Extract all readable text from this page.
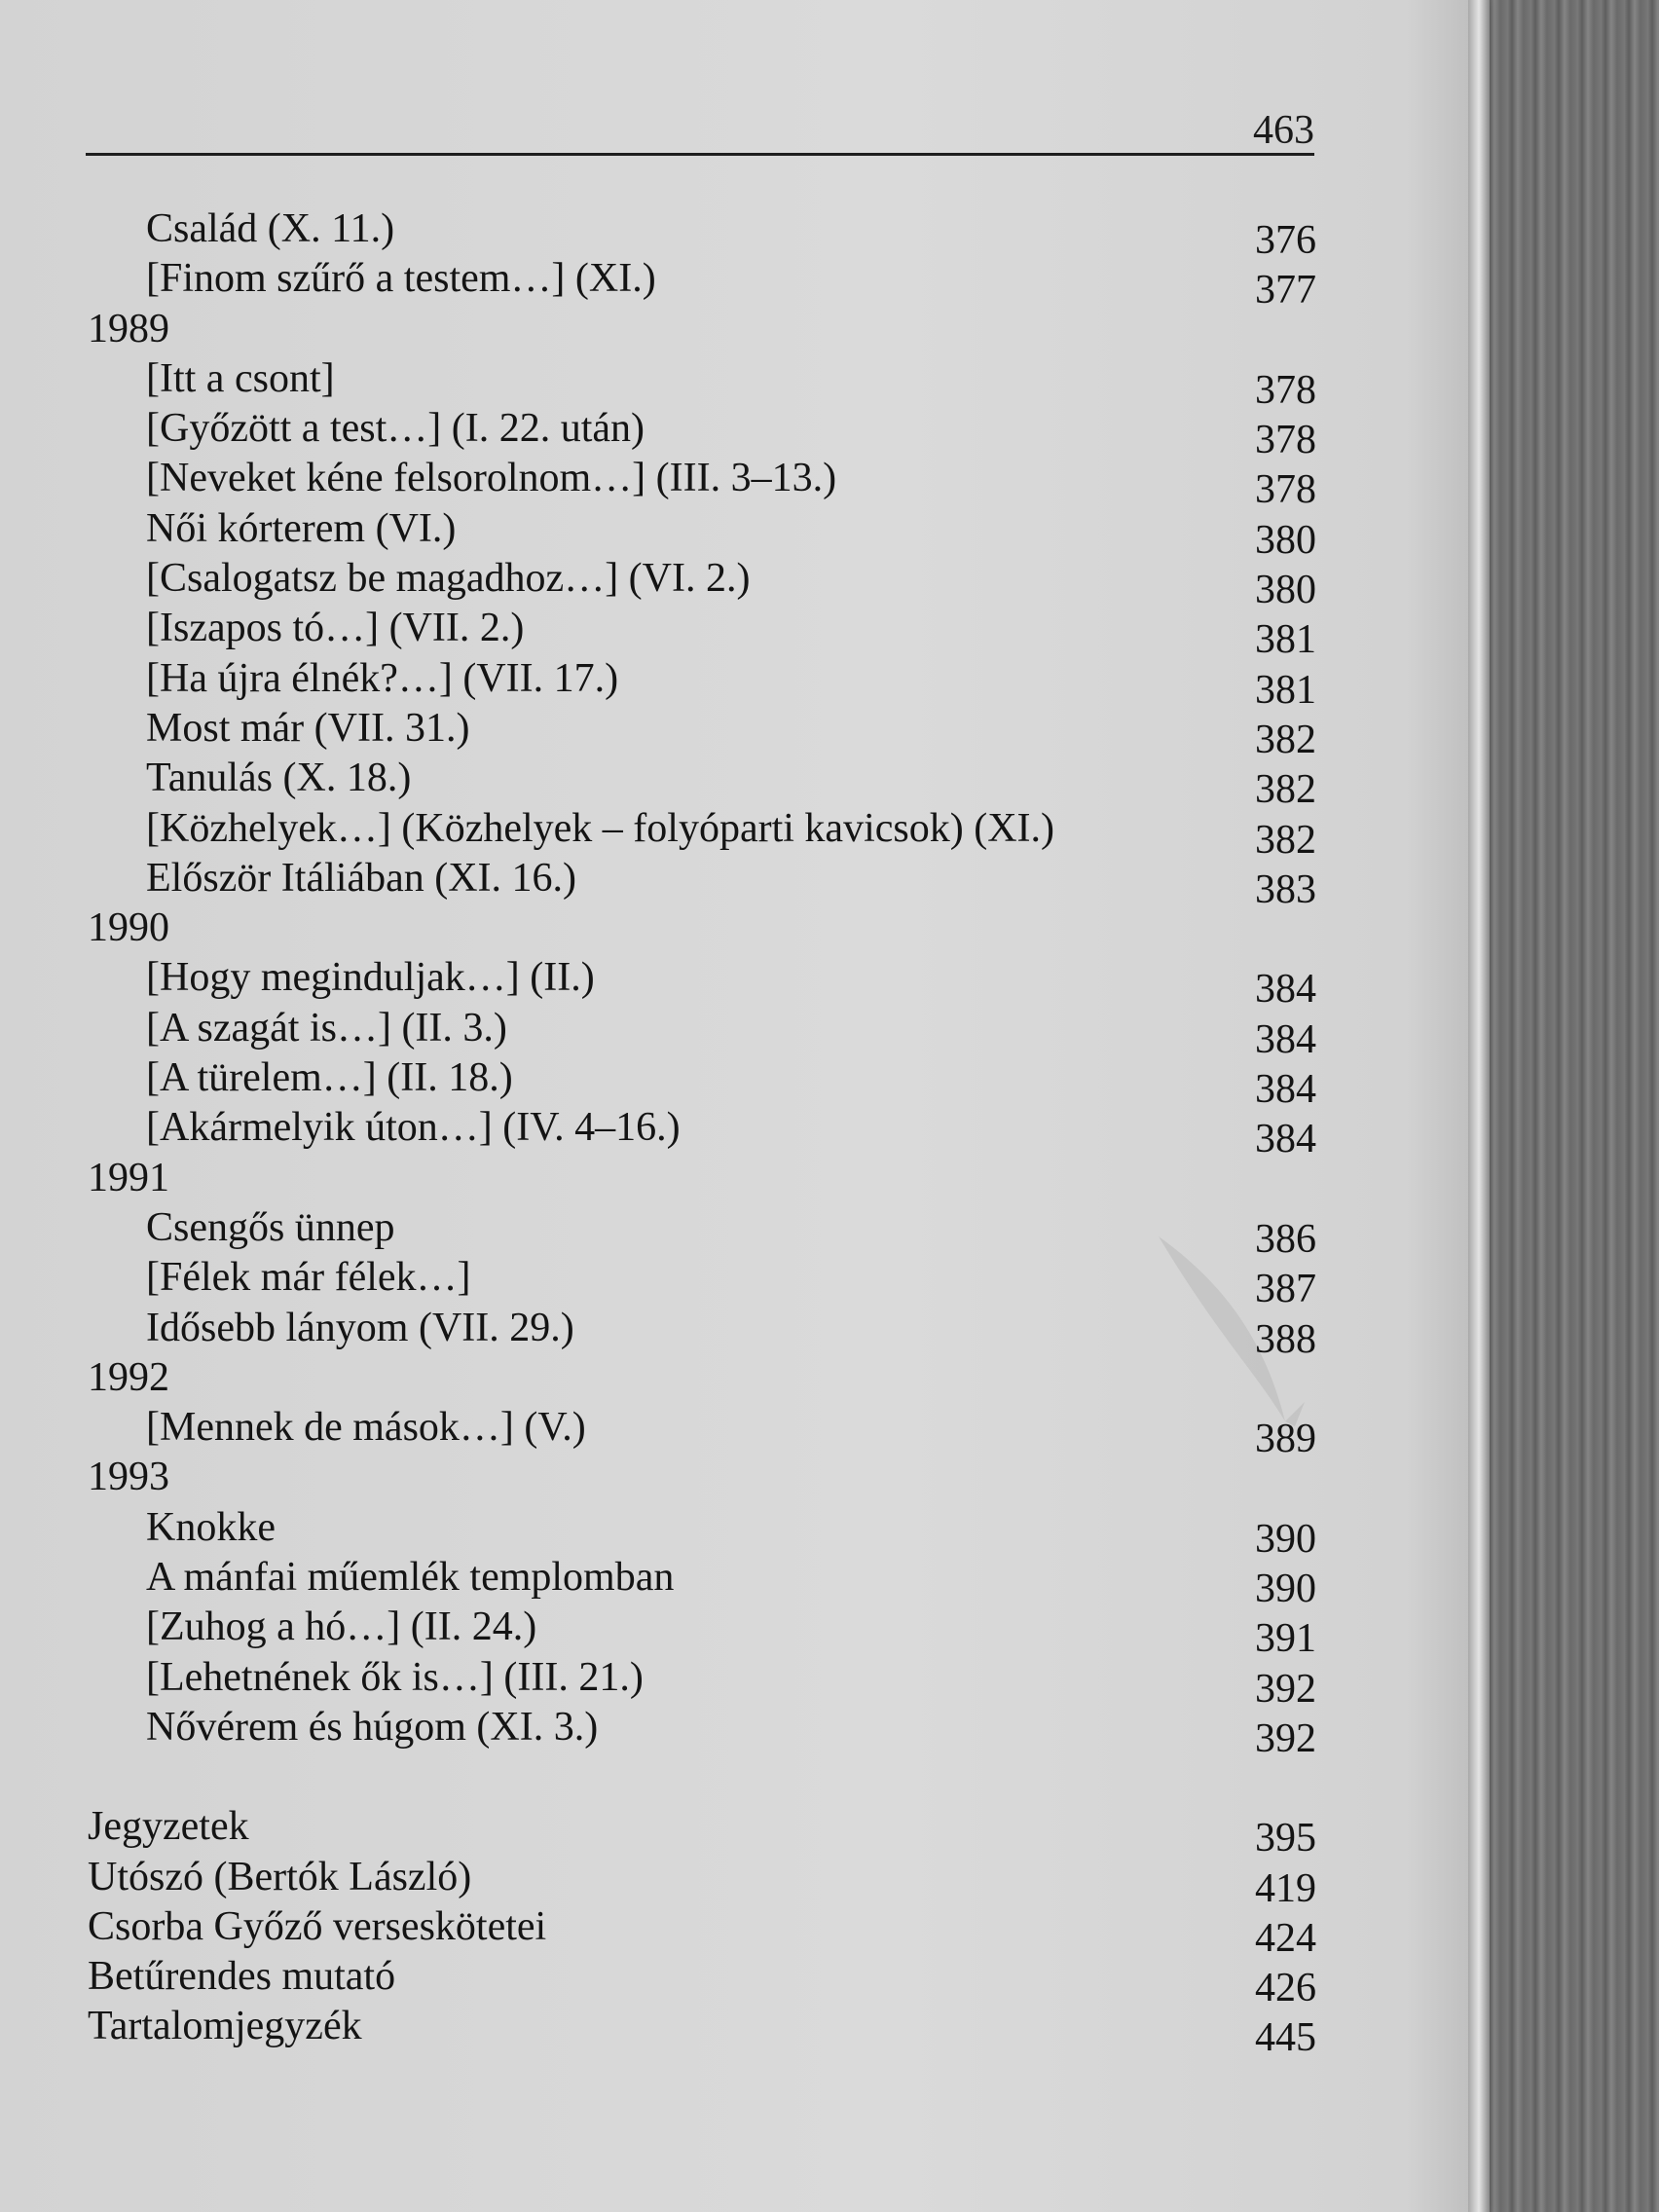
463
Család (X. 11.)	376
[Finom szűrő a testem…] (XI.)	377
1989
[Itt a csont]	378
[Győzött a test…] (I. 22. után)	378
[Neveket kéne felsorolnom…] (III. 3–13.)	378
Női kórterem (VI.)	380
[Csalogatsz be magadhoz…] (VI. 2.)	380
[Iszapos tó…] (VII. 2.)	381
[Ha újra élnék?…] (VII. 17.)	381
Most már (VII. 31.)	382
Tanulás (X. 18.)	382
[Közhelyek…] (Közhelyek – folyóparti kavicsok) (XI.)	382
Először Itáliában (XI. 16.)	383
1990
[Hogy meginduljak…] (II.)	384
[A szagát is…] (II. 3.)	384
[A türelem…] (II. 18.)	384
[Akármelyik úton…] (IV. 4–16.)	384
1991
Csengős ünnep	386
[Félek már félek…]	387
Idősebb lányom (VII. 29.)	388
1992
[Mennek de mások…] (V.)	389
1993
Knokke	390
A mánfai műemlék templomban	390
[Zuhog a hó…] (II. 24.)	391
[Lehetnének ők is…] (III. 21.)	392
Nővérem és húgom (XI. 3.)	392
Jegyzetek	395
Utószó (Bertók László)	419
Csorba Győző verseskötetei	424
Betűrendes mutató	426
Tartalomjegyzék	445
